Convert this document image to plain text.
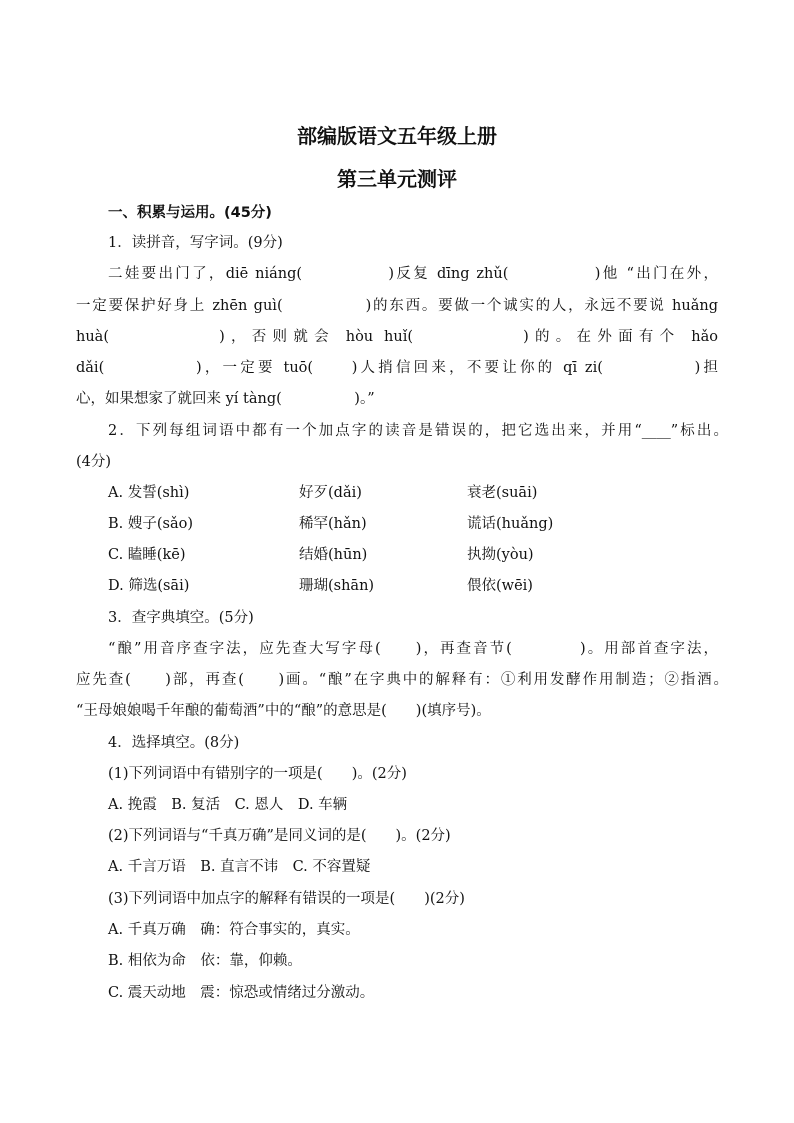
部编版语文五年级上册
第三单元测评
一、积累与运用。(45分)
1．读拼音，写字词。(9分)
二娃要出门了，diē niáng(　　　　　)反复 dīng zhǔ(　　　　　)他 “出门在外，
一定要保护好身上 zhēn guì(　　　　　)的东西。要做一个诚实的人，永远不要说 huǎng
huà(　　　　　)，否则就会 hòu huǐ(　　　　　)的。在外面有个 hǎo
dǎi(　　　　　)，一定要 tuō(　　)人捎信回来，不要让你的 qī zi(　　　　　)担
心，如果想家了就回来 yí tàng(　　　　　)。”
2．下列每组词语中都有一个加点字的读音是错误的，把它选出来，并用“____”标出。
(4分)
A. 发誓(shì)	好歹(dǎi)	衰老(suāi)
B. 嫂子(sǎo)	稀罕(hǎn)	谎话(huǎng)
C. 瞌睡(kē)	结婚(hūn)	执拗(yòu)
D. 筛选(sāi)	珊瑚(shān)	偎依(wēi)
3．查字典填空。(5分)
“酿”用音序查字法，应先查大写字母(　　)，再查音节(　　　　)。用部首查字法，
应先查(　　)部，再查(　　)画。“酿”在字典中的解释有：①利用发酵作用制造；②指酒。
“王母娘娘喝千年酿的葡萄酒”中的“酿”的意思是(　　)(填序号)。
4．选择填空。(8分)
(1)下列词语中有错别字的一项是(　　)。(2分)
A. 挽霞　B. 复活　C. 恩人　D. 车辆
(2)下列词语与“千真万确”是同义词的是(　　)。(2分)
A. 千言万语　B. 直言不讳　C. 不容置疑
(3)下列词语中加点字的解释有错误的一项是(　　)(2分)
A. 千真万确　确：符合事实的，真实。
B. 相依为命　依：靠，仰赖。
C. 震天动地　震：惊恐或情绪过分激动。
